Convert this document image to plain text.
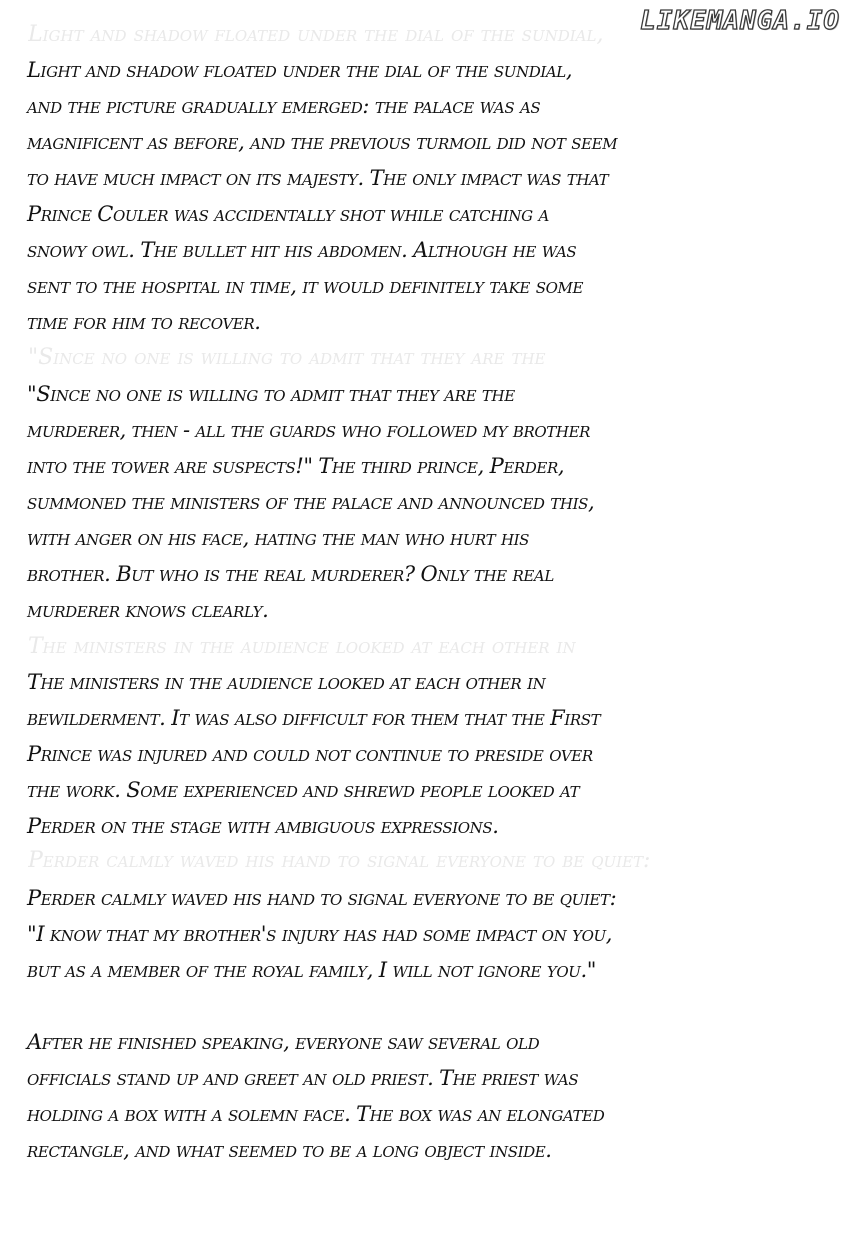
Light and shadow floated under the dial of the sundial,
"Since no one is willing to admit that they are the
The ministers in the audience looked at each other in
Perder calmly waved his hand to signal everyone to be quiet:
LIKEMANGA.IO

Light and shadow floated under the dial of the sundial,
and the picture gradually emerged: the palace was as
magnificent as before, and the previous turmoil did not seem
to have much impact on its majesty. The only impact was that
Prince Couler was accidentally shot while catching a
snowy owl. The bullet hit his abdomen. Although he was
sent to the hospital in time, it would definitely take some
time for him to recover.

"Since no one is willing to admit that they are the
murderer, then - all the guards who followed my brother
into the tower are suspects!" The third prince, Perder,
summoned the ministers of the palace and announced this,
with anger on his face, hating the man who hurt his
brother. But who is the real murderer? Only the real
murderer knows clearly.

The ministers in the audience looked at each other in
bewilderment. It was also difficult for them that the First
Prince was injured and could not continue to preside over
the work. Some experienced and shrewd people looked at
Perder on the stage with ambiguous expressions.

Perder calmly waved his hand to signal everyone to be quiet:
"I know that my brother's injury has had some impact on you,
but as a member of the royal family, I will not ignore you."

After he finished speaking, everyone saw several old
officials stand up and greet an old priest. The priest was
holding a box with a solemn face. The box was an elongated
rectangle, and what seemed to be a long object inside.
